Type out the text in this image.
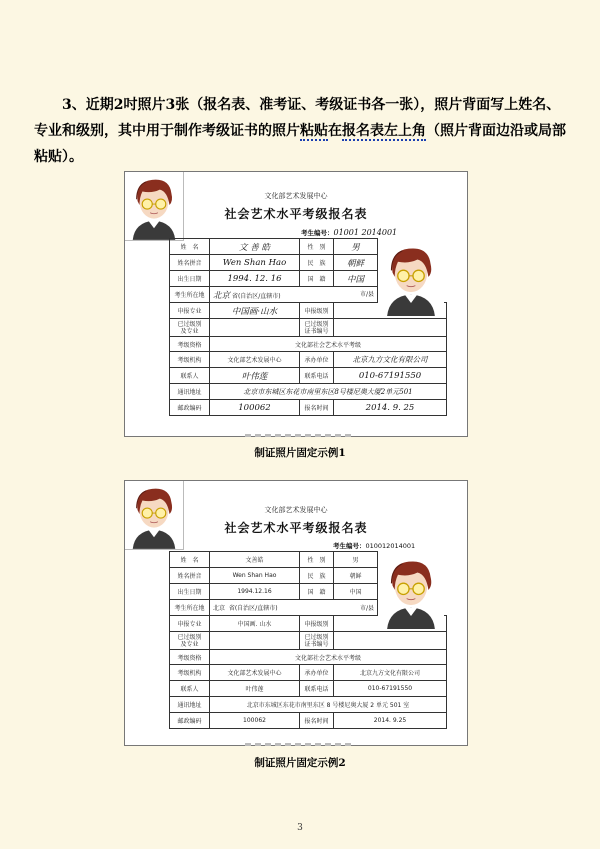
3、近期2吋照片3张（报名表、准考证、考级证书各一张），照片背面写上姓名、专业和级别，其中用于制作考级证书的照片粘贴在报名表左上角（照片背面边沿或局部粘贴）。
文化部艺术发展中心
社会艺术水平考级报名表
考生编号：01001 2014001
姓　名	文 善 皓	性　别	男	
姓名拼音	Wen Shan Hao	民　族	朝鲜	
出生日期	1994. 12. 16	国　籍	中国	
考生所在地	北京 省(自治区/直辖市) 市/县			

申报专业	中国画·山水	申报级别	
已过级别
及专业		已过级别
证书编号		
考级资格	文化部社会艺术水平考级			
考级机构	文化部艺术发展中心	承办单位	北京九方文化有限公司	
联系人	叶伟莲	联系电话	010-67191550	
通讯地址	北京市东城区东花市南里东区8号楼尼奥大厦2单元501			
邮政编码	100062	报名时间	2014. 9. 25	
制证照片固定示例1
文化部艺术发展中心
社会艺术水平考级报名表
考生编号：010012014001
姓　名	文善皓	性　别	男	
姓名拼音	Wen Shan Hao	民　族	朝鲜	
出生日期	1994.12.16	国　籍	中国	
考生所在地	北京 省(自治区/直辖市) 市/县			

申报专业	中国画. 山水	申报级别	
已过级别
及专业		已过级别
证书编号		
考级资格	文化部社会艺术水平考级			
考级机构	文化部艺术发展中心	承办单位	北京九方文化有限公司	
联系人	叶伟莲	联系电话	010-67191550	
通讯地址	北京市东城区东花市南里东区 8 号楼尼奥大厦 2 单元 501 室			
邮政编码	100062	报名时间	2014. 9.25	
制证照片固定示例2
3
